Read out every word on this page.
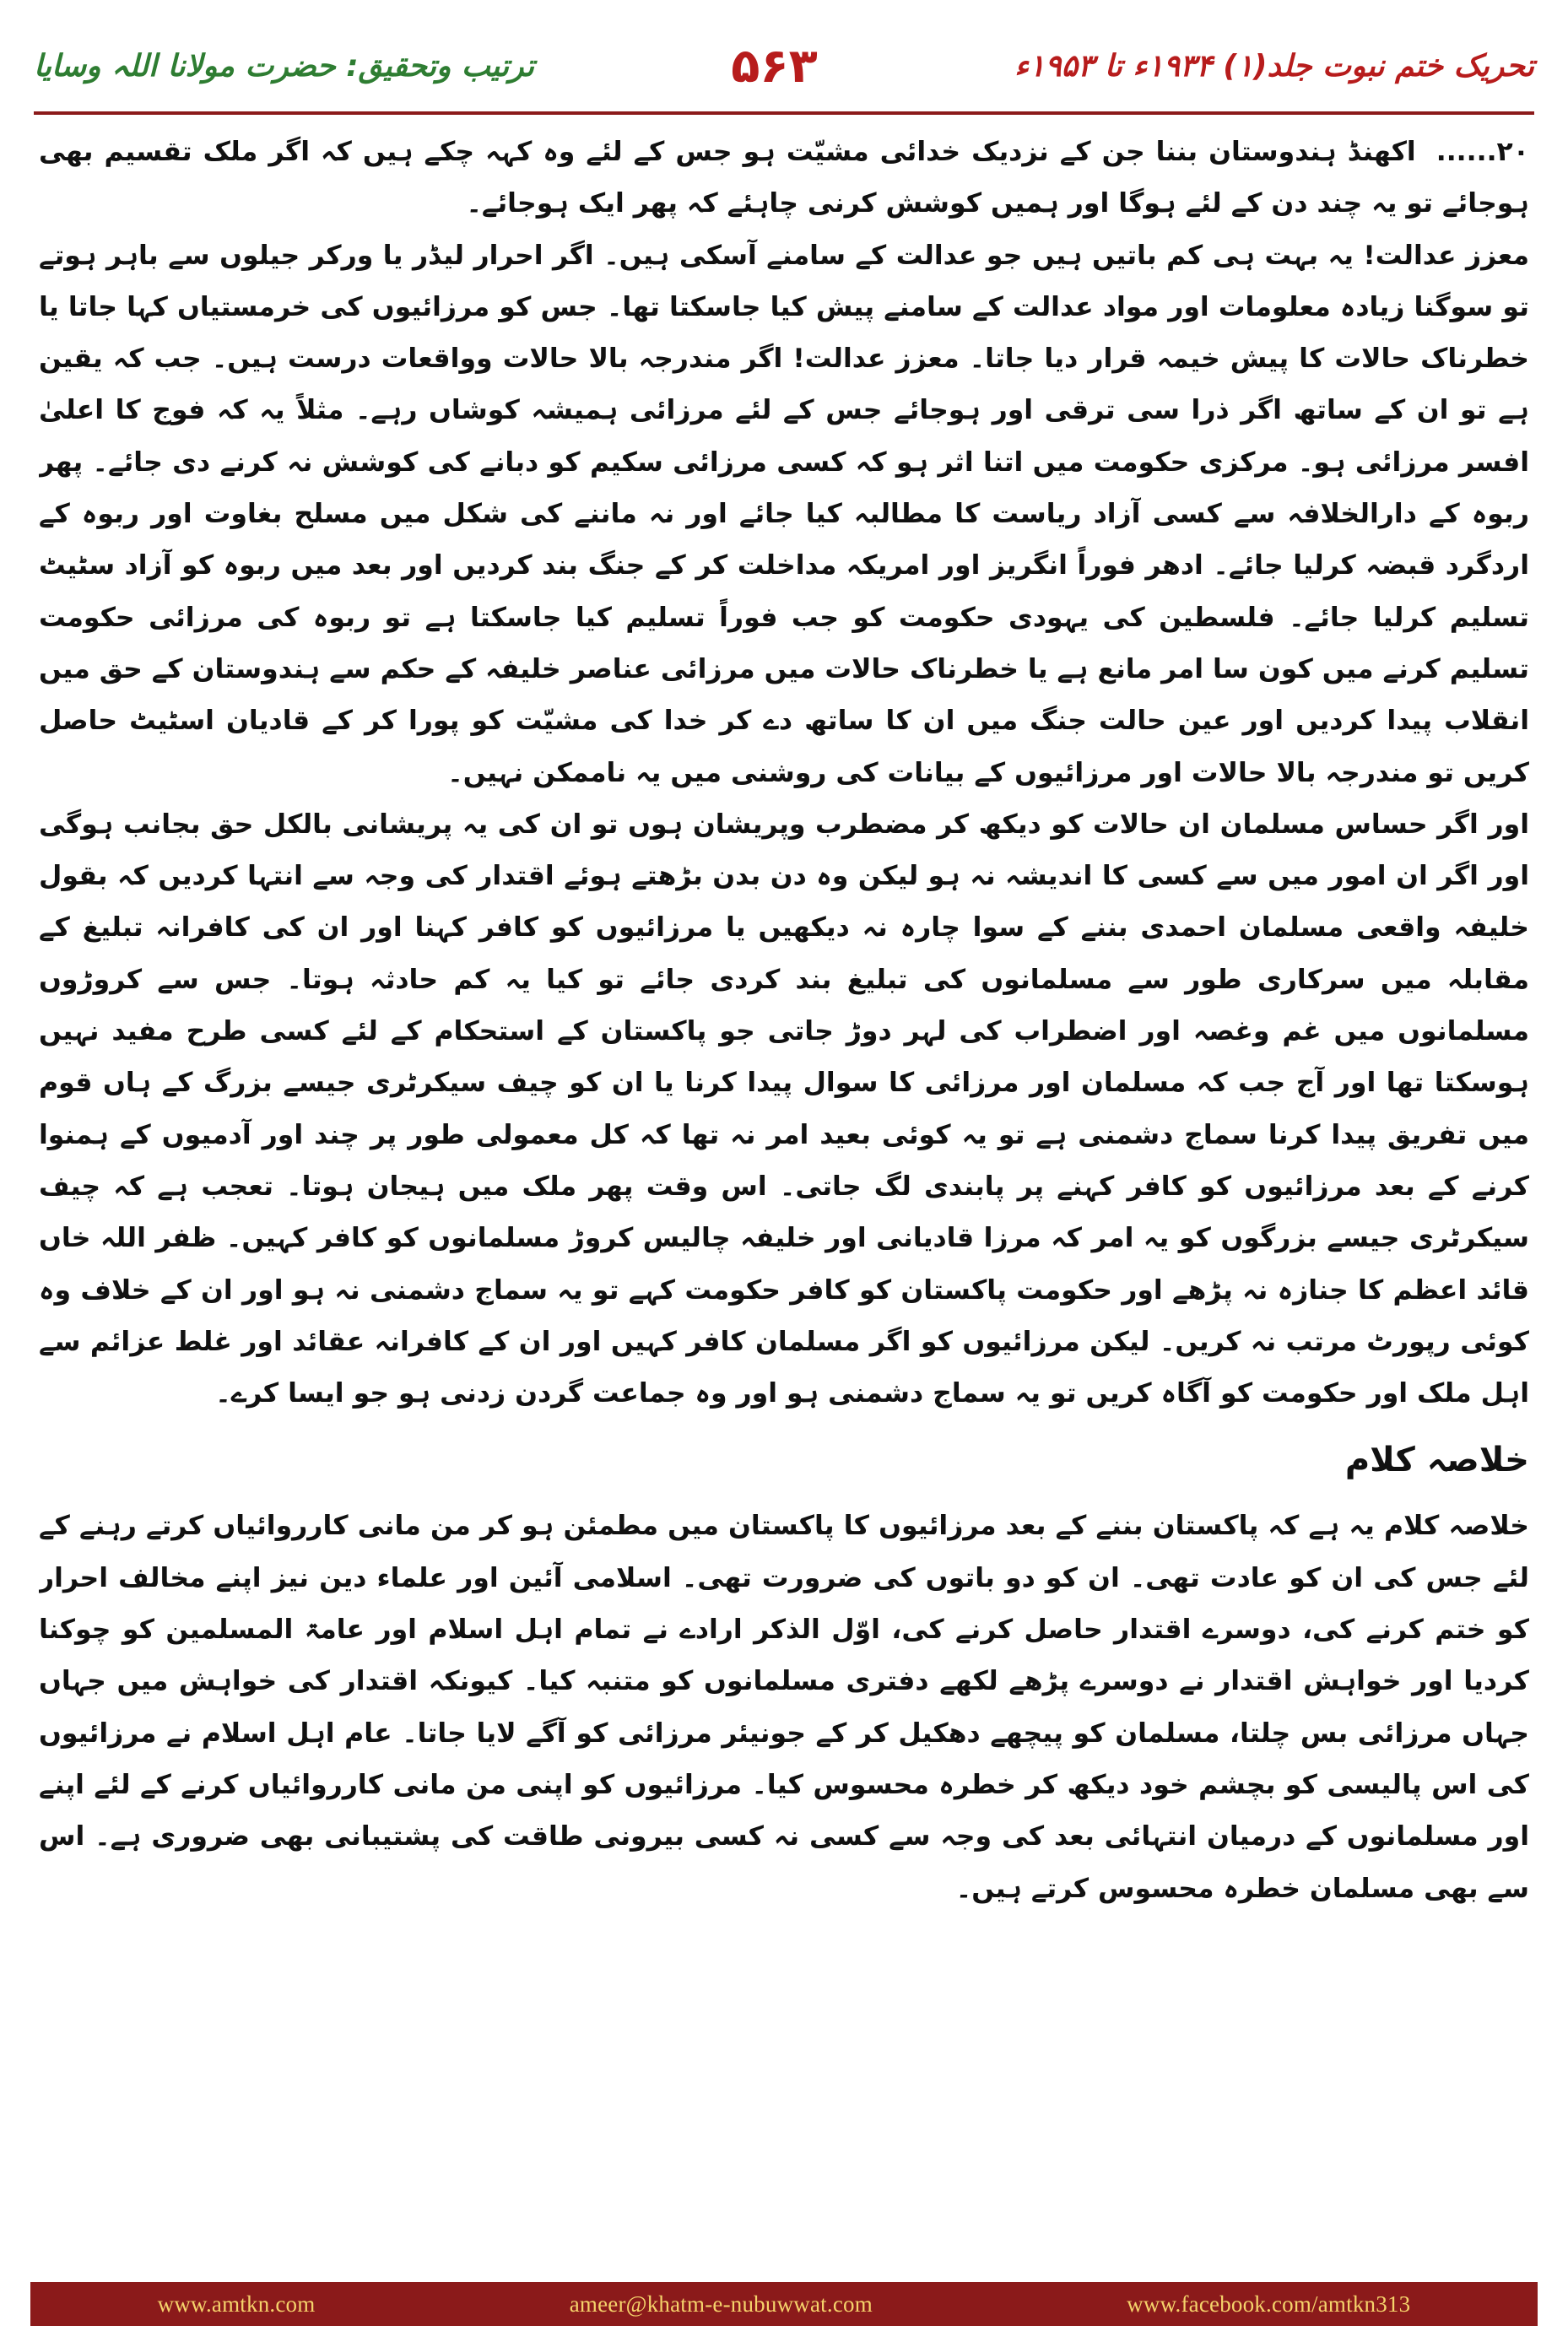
ترتیب وتحقیق: حضرت مولانا اللہ وسایا	۵۶۳	تحریک ختم نبوت جلد(۱) ۱۹۳۴ء تا ۱۹۵۳ء

۲۰......اکھنڈ ہندوستان بننا جن کے نزدیک خدائی مشیّت ہو جس کے لئے وہ کہہ چکے ہیں کہ اگر ملک تقسیم بھی ہوجائے تو یہ چند دن کے لئے ہوگا اور ہمیں کوشش کرنی چاہئے کہ پھر ایک ہوجائے۔

معزز عدالت! یہ بہت ہی کم باتیں ہیں جو عدالت کے سامنے آسکی ہیں۔ اگر احرار لیڈر یا ورکر جیلوں سے باہر ہوتے تو سوگنا زیادہ معلومات اور مواد عدالت کے سامنے پیش کیا جاسکتا تھا۔ جس کو مرزائیوں کی خرمستیاں کہا جاتا یا خطرناک حالات کا پیش خیمہ قرار دیا جاتا۔ معزز عدالت! اگر مندرجہ بالا حالات وواقعات درست ہیں۔ جب کہ یقین ہے تو ان کے ساتھ اگر ذرا سی ترقی اور ہوجائے جس کے لئے مرزائی ہمیشہ کوشاں رہے۔ مثلاً یہ کہ فوج کا اعلیٰ افسر مرزائی ہو۔ مرکزی حکومت میں اتنا اثر ہو کہ کسی مرزائی سکیم کو دبانے کی کوشش نہ کرنے دی جائے۔ پھر ربوہ کے دارالخلافہ سے کسی آزاد ریاست کا مطالبہ کیا جائے اور نہ ماننے کی شکل میں مسلح بغاوت اور ربوہ کے اردگرد قبضہ کرلیا جائے۔ ادھر فوراً انگریز اور امریکہ مداخلت کر کے جنگ بند کردیں اور بعد میں ربوہ کو آزاد سٹیٹ تسلیم کرلیا جائے۔ فلسطین کی یہودی حکومت کو جب فوراً تسلیم کیا جاسکتا ہے تو ربوہ کی مرزائی حکومت تسلیم کرنے میں کون سا امر مانع ہے یا خطرناک حالات میں مرزائی عناصر خلیفہ کے حکم سے ہندوستان کے حق میں انقلاب پیدا کردیں اور عین حالت جنگ میں ان کا ساتھ دے کر خدا کی مشیّت کو پورا کر کے قادیان اسٹیٹ حاصل کریں تو مندرجہ بالا حالات اور مرزائیوں کے بیانات کی روشنی میں یہ ناممکن نہیں۔

اور اگر حساس مسلمان ان حالات کو دیکھ کر مضطرب وپریشان ہوں تو ان کی یہ پریشانی بالکل حق بجانب ہوگی اور اگر ان امور میں سے کسی کا اندیشہ نہ ہو لیکن وہ دن بدن بڑھتے ہوئے اقتدار کی وجہ سے انتہا کردیں کہ بقول خلیفہ واقعی مسلمان احمدی بننے کے سوا چارہ نہ دیکھیں یا مرزائیوں کو کافر کہنا اور ان کی کافرانہ تبلیغ کے مقابلہ میں سرکاری طور سے مسلمانوں کی تبلیغ بند کردی جائے تو کیا یہ کم حادثہ ہوتا۔ جس سے کروڑوں مسلمانوں میں غم وغصہ اور اضطراب کی لہر دوڑ جاتی جو پاکستان کے استحکام کے لئے کسی طرح مفید نہیں ہوسکتا تھا اور آج جب کہ مسلمان اور مرزائی کا سوال پیدا کرنا یا ان کو چیف سیکرٹری جیسے بزرگ کے ہاں قوم میں تفریق پیدا کرنا سماج دشمنی ہے تو یہ کوئی بعید امر نہ تھا کہ کل معمولی طور پر چند اور آدمیوں کے ہمنوا کرنے کے بعد مرزائیوں کو کافر کہنے پر پابندی لگ جاتی۔ اس وقت پھر ملک میں ہیجان ہوتا۔ تعجب ہے کہ چیف سیکرٹری جیسے بزرگوں کو یہ امر کہ مرزا قادیانی اور خلیفہ چالیس کروڑ مسلمانوں کو کافر کہیں۔ ظفر اللہ خاں قائد اعظم کا جنازہ نہ پڑھے اور حکومت پاکستان کو کافر حکومت کہے تو یہ سماج دشمنی نہ ہو اور ان کے خلاف وہ کوئی رپورٹ مرتب نہ کریں۔ لیکن مرزائیوں کو اگر مسلمان کافر کہیں اور ان کے کافرانہ عقائد اور غلط عزائم سے اہل ملک اور حکومت کو آگاہ کریں تو یہ سماج دشمنی ہو اور وہ جماعت گردن زدنی ہو جو ایسا کرے۔

خلاصہ کلام

خلاصہ کلام یہ ہے کہ پاکستان بننے کے بعد مرزائیوں کا پاکستان میں مطمئن ہو کر من مانی کارروائیاں کرتے رہنے کے لئے جس کی ان کو عادت تھی۔ ان کو دو باتوں کی ضرورت تھی۔ اسلامی آئین اور علماء دین نیز اپنے مخالف احرار کو ختم کرنے کی، دوسرے اقتدار حاصل کرنے کی، اوّل الذکر ارادے نے تمام اہل اسلام اور عامۃ المسلمین کو چوکنا کردیا اور خواہش اقتدار نے دوسرے پڑھے لکھے دفتری مسلمانوں کو متنبہ کیا۔ کیونکہ اقتدار کی خواہش میں جہاں جہاں مرزائی بس چلتا، مسلمان کو پیچھے دھکیل کر کے جونیئر مرزائی کو آگے لایا جاتا۔ عام اہل اسلام نے مرزائیوں کی اس پالیسی کو بچشم خود دیکھ کر خطرہ محسوس کیا۔ مرزائیوں کو اپنی من مانی کارروائیاں کرنے کے لئے اپنے اور مسلمانوں کے درمیان انتہائی بعد کی وجہ سے کسی نہ کسی بیرونی طاقت کی پشتیبانی بھی ضروری ہے۔ اس سے بھی مسلمان خطرہ محسوس کرتے ہیں۔

www.amtkn.com	ameer@khatm-e-nubuwwat.com	www.facebook.com/amtkn313
